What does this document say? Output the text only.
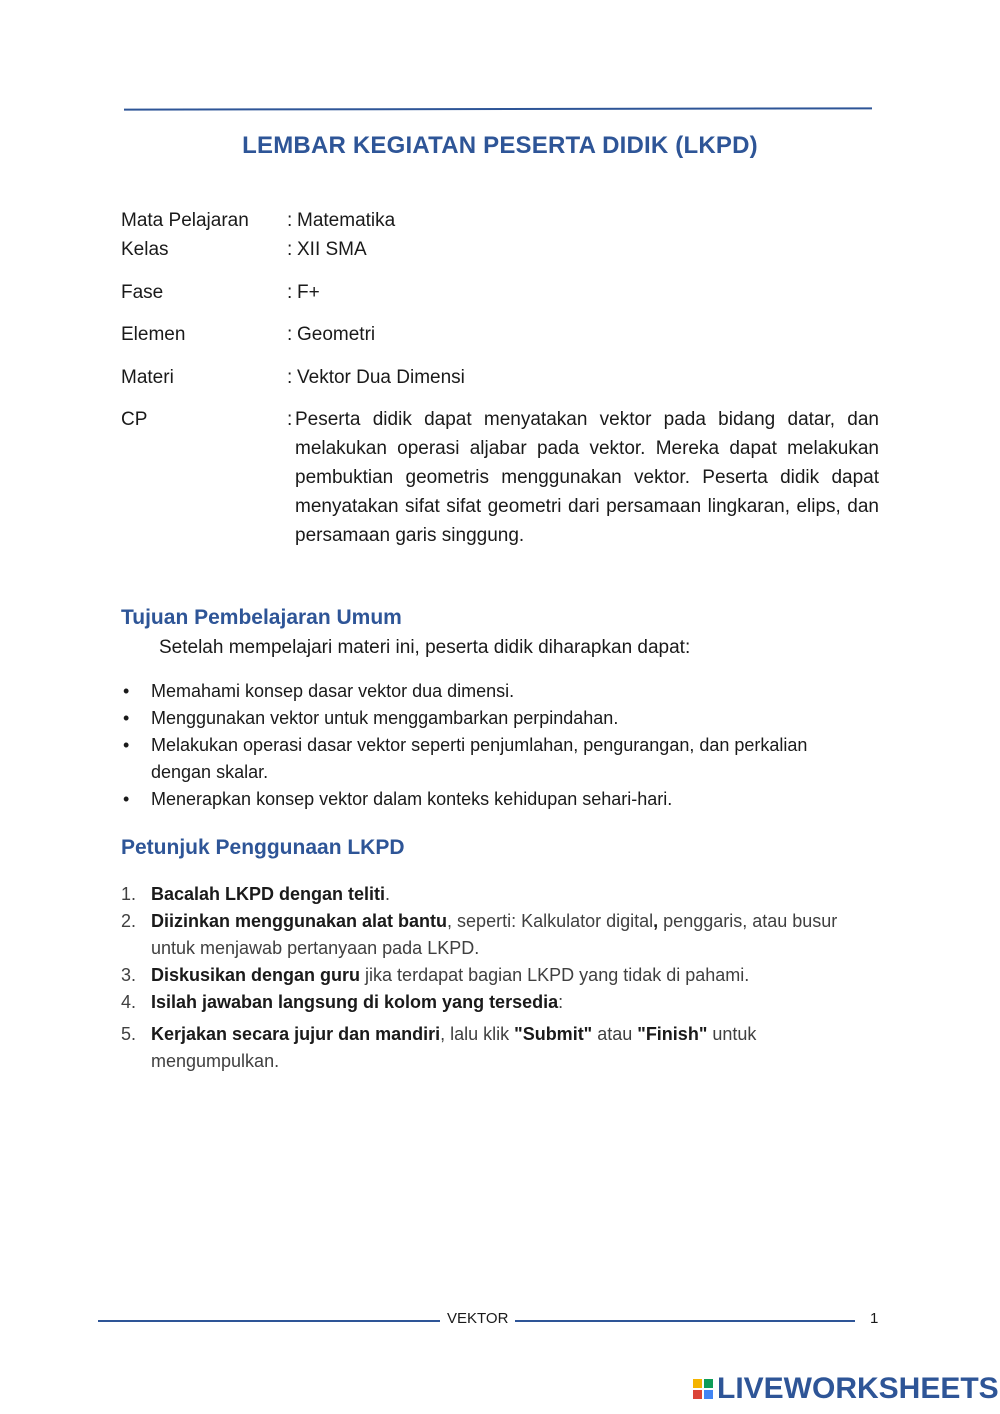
LEMBAR KEGIATAN PESERTA DIDIK (LKPD)
Mata Pelajaran : Matematika
Kelas	: XII SMA
Fase	: F+
Elemen	: Geometri
Materi	: Vektor Dua Dimensi
CP	: Peserta didik dapat menyatakan vektor pada bidang datar, dan melakukan operasi aljabar pada vektor. Mereka dapat melakukan pembuktian geometris menggunakan vektor. Peserta didik dapat menyatakan sifat sifat geometri dari persamaan lingkaran, elips, dan persamaan garis singgung.
Tujuan Pembelajaran Umum
Setelah mempelajari materi ini, peserta didik diharapkan dapat:
• Memahami konsep dasar vektor dua dimensi.
• Menggunakan vektor untuk menggambarkan perpindahan.
• Melakukan operasi dasar vektor seperti penjumlahan, pengurangan, dan perkalian dengan skalar.
• Menerapkan konsep vektor dalam konteks kehidupan sehari-hari.
Petunjuk Penggunaan LKPD
1. Bacalah LKPD dengan teliti.
2. Diizinkan menggunakan alat bantu, seperti: Kalkulator digital, penggaris, atau busur untuk menjawab pertanyaan pada LKPD.
3. Diskusikan dengan guru jika terdapat bagian LKPD yang tidak di pahami.
4. Isilah jawaban langsung di kolom yang tersedia:
5. Kerjakan secara jujur dan mandiri, lalu klik "Submit" atau "Finish" untuk mengumpulkan.
VEKTOR	1
LIVEWORKSHEETS
